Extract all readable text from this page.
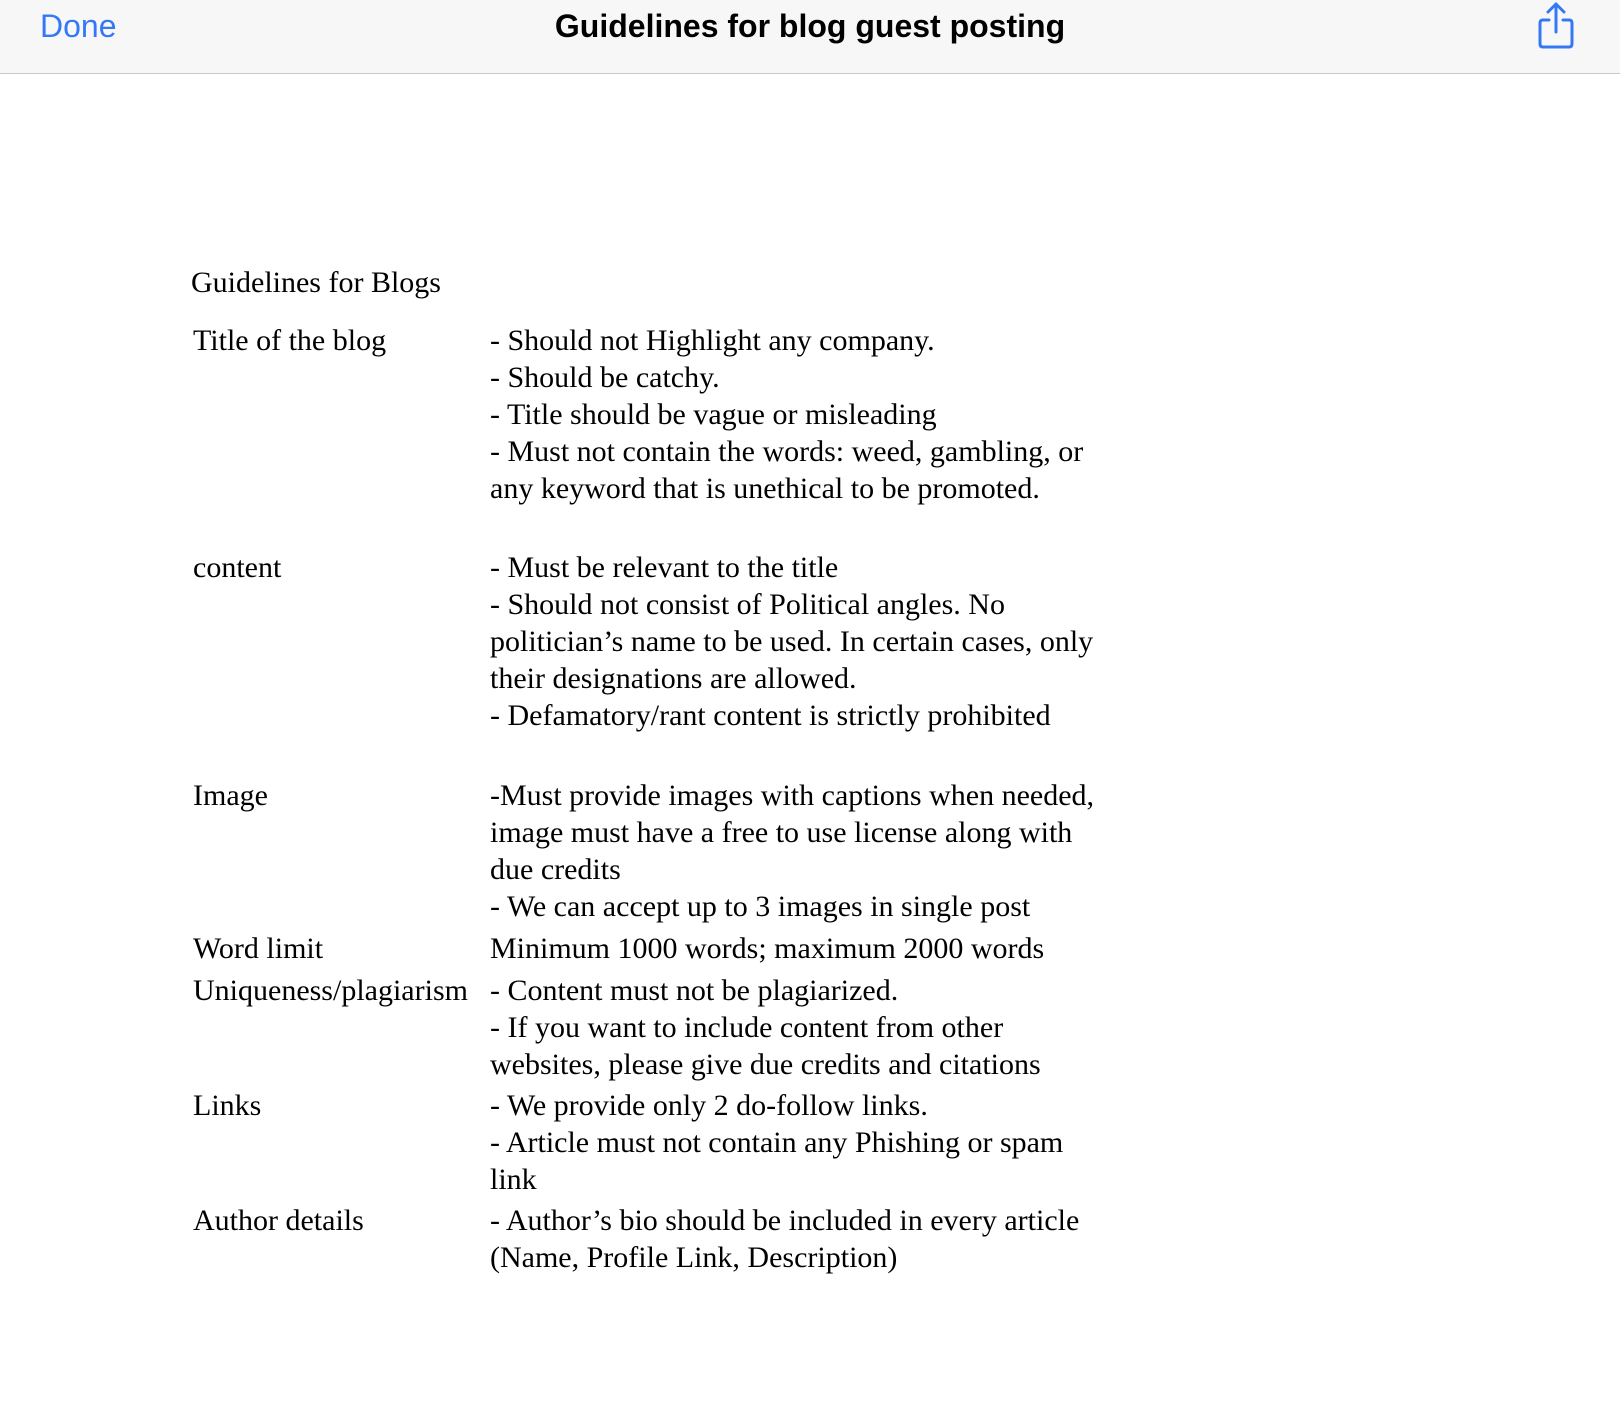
Done	Guidelines for blog guest posting
Guidelines for Blogs
Title of the blog	- Should not Highlight any company.
- Should be catchy.
- Title should be vague or misleading
- Must not contain the words: weed, gambling, or
any keyword that is unethical to be promoted.
content	- Must be relevant to the title
- Should not consist of Political angles. No
politician’s name to be used. In certain cases, only
their designations are allowed.
- Defamatory/rant content is strictly prohibited
Image	-Must provide images with captions when needed,
image must have a free to use license along with
due credits
- We can accept up to 3 images in single post
Word limit	Minimum 1000 words; maximum 2000 words
Uniqueness/plagiarism - Content must not be plagiarized.
- If you want to include content from other
websites, please give due credits and citations
Links	- We provide only 2 do-follow links.
- Article must not contain any Phishing or spam
link
Author details	- Author’s bio should be included in every article
(Name, Profile Link, Description)
